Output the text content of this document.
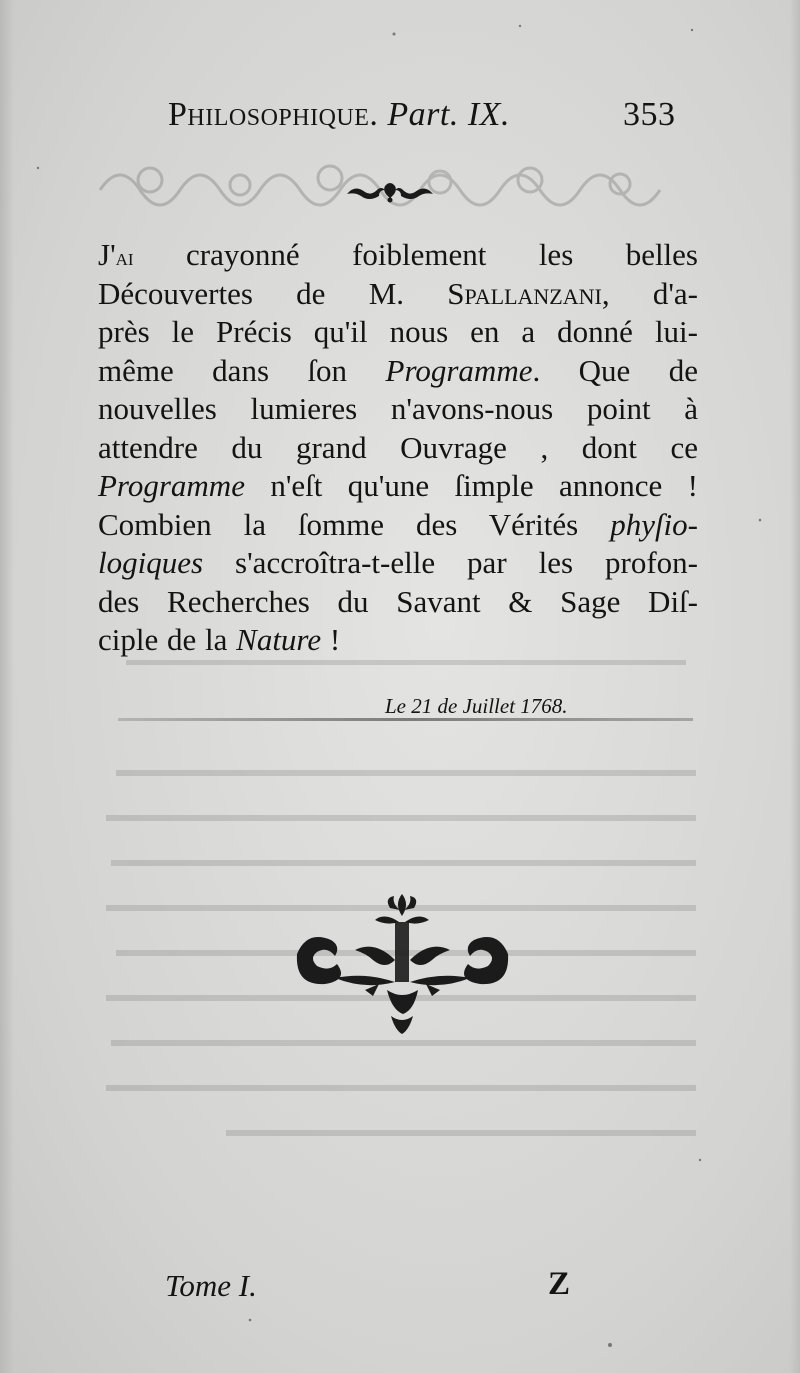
Philosophique. Part. IX.	353
J'ai crayonné foiblement les belles
Découvertes de M. Spallanzani, d'a-
près le Précis qu'il nous en a donné lui-
même dans ſon Programme. Que de
nouvelles lumieres n'avons-nous point à
attendre du grand Ouvrage , dont ce
Programme n'eſt qu'une ſimple annonce !
Combien la ſomme des Vérités phyſio-
logiques s'accroîtra-t-elle par les profon-
des Recherches du Savant & Sage Diſ-
ciple de la Nature !
Le 21 de Juillet 1768.
Tome I.	Z
